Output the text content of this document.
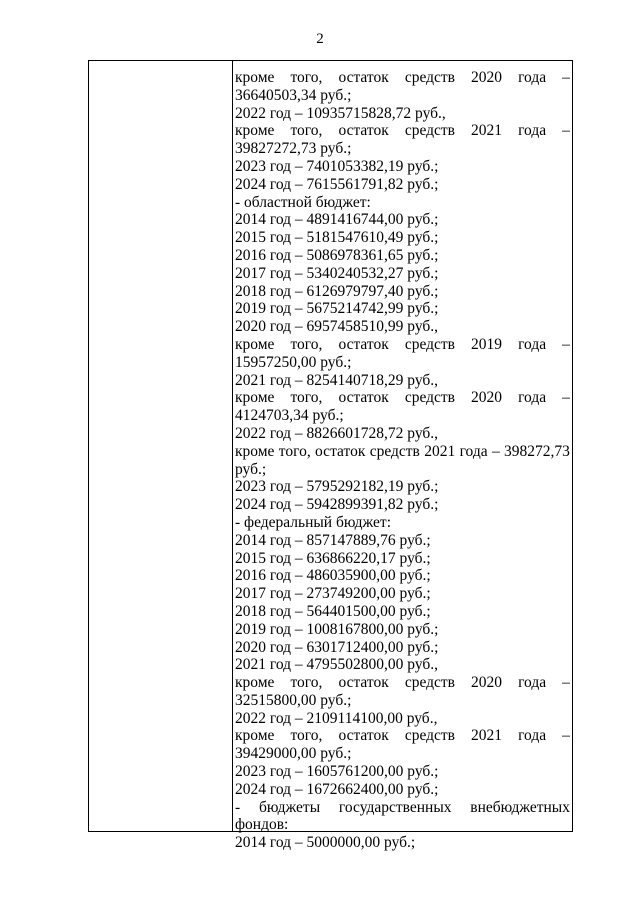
2
кроме того, остаток средств 2020 года –
36640503,34 руб.;
2022 год – 10935715828,72 руб.,
кроме того, остаток средств 2021 года –
39827272,73 руб.;
2023 год – 7401053382,19 руб.;
2024 год – 7615561791,82 руб.;
- областной бюджет:
2014 год – 4891416744,00 руб.;
2015 год – 5181547610,49 руб.;
2016 год – 5086978361,65 руб.;
2017 год – 5340240532,27 руб.;
2018 год – 6126979797,40 руб.;
2019 год – 5675214742,99 руб.;
2020 год – 6957458510,99 руб.,
кроме того, остаток средств 2019 года –
15957250,00 руб.;
2021 год – 8254140718,29 руб.,
кроме того, остаток средств 2020 года –
4124703,34 руб.;
2022 год – 8826601728,72 руб.,
кроме того, остаток средств 2021 года – 398272,73
руб.;
2023 год – 5795292182,19 руб.;
2024 год – 5942899391,82 руб.;
- федеральный бюджет:
2014 год – 857147889,76 руб.;
2015 год – 636866220,17 руб.;
2016 год – 486035900,00 руб.;
2017 год – 273749200,00 руб.;
2018 год – 564401500,00 руб.;
2019 год – 1008167800,00 руб.;
2020 год – 6301712400,00 руб.;
2021 год – 4795502800,00 руб.,
кроме того, остаток средств 2020 года –
32515800,00 руб.;
2022 год – 2109114100,00 руб.,
кроме того, остаток средств 2021 года –
39429000,00 руб.;
2023 год – 1605761200,00 руб.;
2024 год – 1672662400,00 руб.;
- бюджеты государственных внебюджетных
фондов:
2014 год – 5000000,00 руб.;
